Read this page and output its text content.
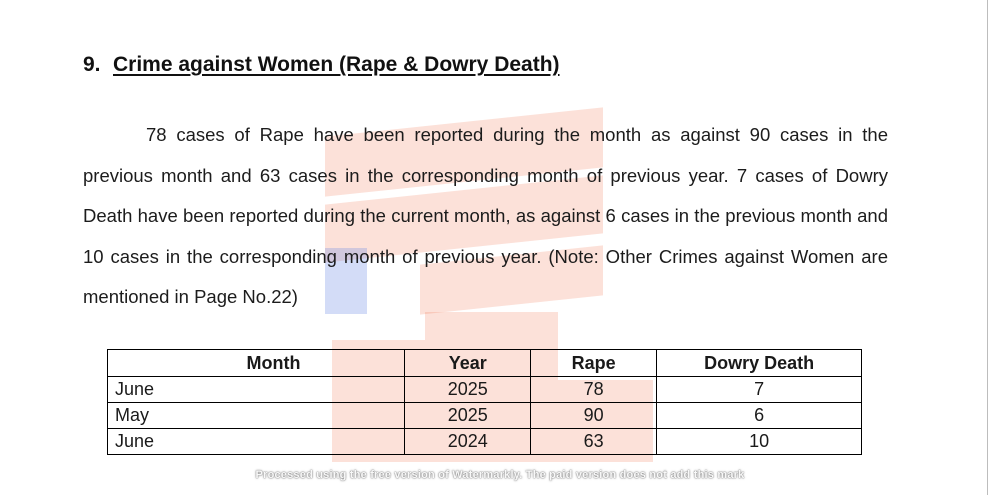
9. Crime against Women (Rape & Dowry Death)

78 cases of Rape have been reported during the month as against 90 cases in the previous month and 63 cases in the corresponding month of previous year. 7 cases of Dowry Death have been reported during the current month, as against 6 cases in the previous month and 10 cases in the corresponding month of previous year. (Note: Other Crimes against Women are mentioned in Page No.22)

Month	Year	Rape	Dowry Death
June	2025	78	7
May	2025	90	6
June	2024	63	10
Processed using the free version of Watermarkly. The paid version does not add this mark
